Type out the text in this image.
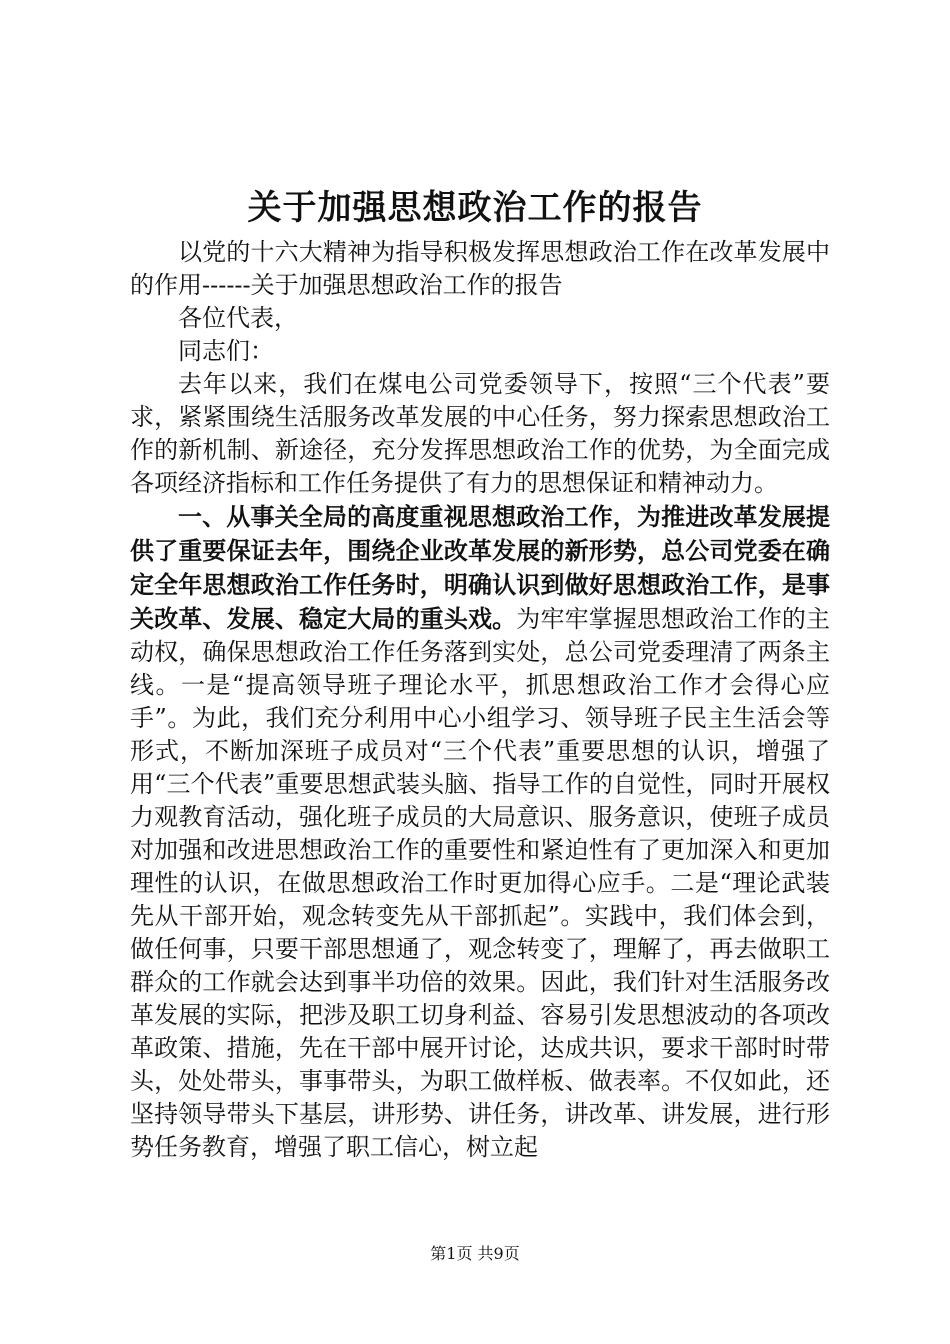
关于加强思想政治工作的报告

以党的十六大精神为指导积极发挥思想政治工作在改革发展中的作用------关于加强思想政治工作的报告

各位代表，

同志们：

去年以来，我们在煤电公司党委领导下，按照“三个代表”要求，紧紧围绕生活服务改革发展的中心任务，努力探索思想政治工作的新机制、新途径，充分发挥思想政治工作的优势，为全面完成各项经济指标和工作任务提供了有力的思想保证和精神动力。

一、从事关全局的高度重视思想政治工作，为推进改革发展提供了重要保证去年，围绕企业改革发展的新形势，总公司党委在确定全年思想政治工作任务时，明确认识到做好思想政治工作，是事关改革、发展、稳定大局的重头戏。为牢牢掌握思想政治工作的主动权，确保思想政治工作任务落到实处，总公司党委理清了两条主线。一是“提高领导班子理论水平，抓思想政治工作才会得心应手”。为此，我们充分利用中心小组学习、领导班子民主生活会等形式，不断加深班子成员对“三个代表”重要思想的认识，增强了用“三个代表”重要思想武装头脑、指导工作的自觉性，同时开展权力观教育活动，强化班子成员的大局意识、服务意识，使班子成员对加强和改进思想政治工作的重要性和紧迫性有了更加深入和更加理性的认识，在做思想政治工作时更加得心应手。二是“理论武装先从干部开始，观念转变先从干部抓起”。实践中，我们体会到，做任何事，只要干部思想通了，观念转变了，理解了，再去做职工群众的工作就会达到事半功倍的效果。因此，我们针对生活服务改革发展的实际，把涉及职工切身利益、容易引发思想波动的各项改革政策、措施，先在干部中展开讨论，达成共识，要求干部时时带头，处处带头，事事带头，为职工做样板、做表率。不仅如此，还坚持领导带头下基层，讲形势、讲任务，讲改革、讲发展，进行形势任务教育，增强了职工信心，树立起

第1页 共9页
